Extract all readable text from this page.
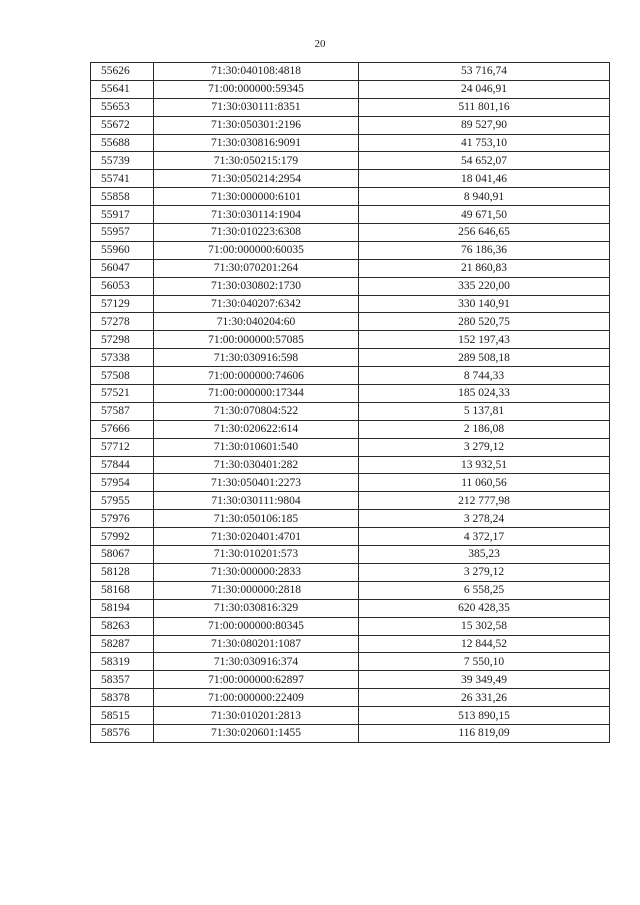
20
55626	71:30:040108:4818	53 716,74
55641	71:00:000000:59345	24 046,91
55653	71:30:030111:8351	511 801,16
55672	71:30:050301:2196	89 527,90
55688	71:30:030816:9091	41 753,10
55739	71:30:050215:179	54 652,07
55741	71:30:050214:2954	18 041,46
55858	71:30:000000:6101	8 940,91
55917	71:30:030114:1904	49 671,50
55957	71:30:010223:6308	256 646,65
55960	71:00:000000:60035	76 186,36
56047	71:30:070201:264	21 860,83
56053	71:30:030802:1730	335 220,00
57129	71:30:040207:6342	330 140,91
57278	71:30:040204:60	280 520,75
57298	71:00:000000:57085	152 197,43
57338	71:30:030916:598	289 508,18
57508	71:00:000000:74606	8 744,33
57521	71:00:000000:17344	185 024,33
57587	71:30:070804:522	5 137,81
57666	71:30:020622:614	2 186,08
57712	71:30:010601:540	3 279,12
57844	71:30:030401:282	13 932,51
57954	71:30:050401:2273	11 060,56
57955	71:30:030111:9804	212 777,98
57976	71:30:050106:185	3 278,24
57992	71:30:020401:4701	4 372,17
58067	71:30:010201:573	385,23
58128	71:30:000000:2833	3 279,12
58168	71:30:000000:2818	6 558,25
58194	71:30:030816:329	620 428,35
58263	71:00:000000:80345	15 302,58
58287	71:30:080201:1087	12 844,52
58319	71:30:030916:374	7 550,10
58357	71:00:000000:62897	39 349,49
58378	71:00:000000:22409	26 331,26
58515	71:30:010201:2813	513 890,15
58576	71:30:020601:1455	116 819,09
